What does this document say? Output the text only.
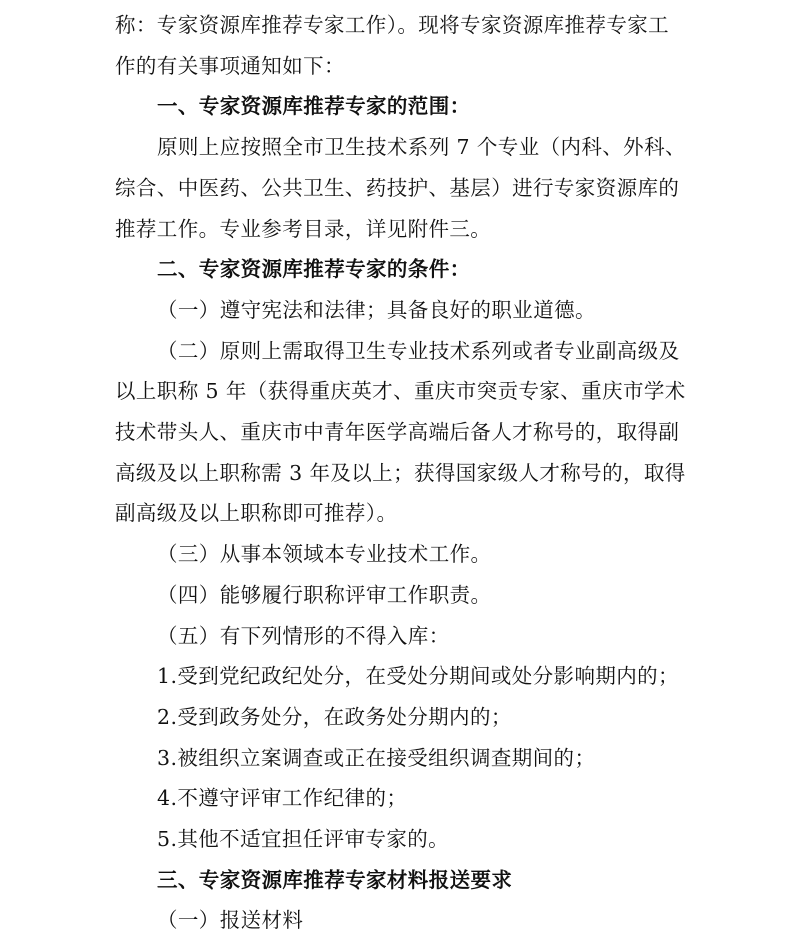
称：专家资源库推荐专家工作）。现将专家资源库推荐专家工
作的有关事项通知如下：
一、专家资源库推荐专家的范围：
原则上应按照全市卫生技术系列 7 个专业（内科、外科、
综合、中医药、公共卫生、药技护、基层）进行专家资源库的
推荐工作。专业参考目录，详见附件三。
二、专家资源库推荐专家的条件：
（一）遵守宪法和法律；具备良好的职业道德。
（二）原则上需取得卫生专业技术系列或者专业副高级及
以上职称 5 年（获得重庆英才、重庆市突贡专家、重庆市学术
技术带头人、重庆市中青年医学高端后备人才称号的，取得副
高级及以上职称需 3 年及以上；获得国家级人才称号的，取得
副高级及以上职称即可推荐）。
（三）从事本领域本专业技术工作。
（四）能够履行职称评审工作职责。
（五）有下列情形的不得入库：
1.受到党纪政纪处分，在受处分期间或处分影响期内的；
2.受到政务处分，在政务处分期内的；
3.被组织立案调查或正在接受组织调查期间的；
4.不遵守评审工作纪律的；
5.其他不适宜担任评审专家的。
三、专家资源库推荐专家材料报送要求
（一）报送材料
